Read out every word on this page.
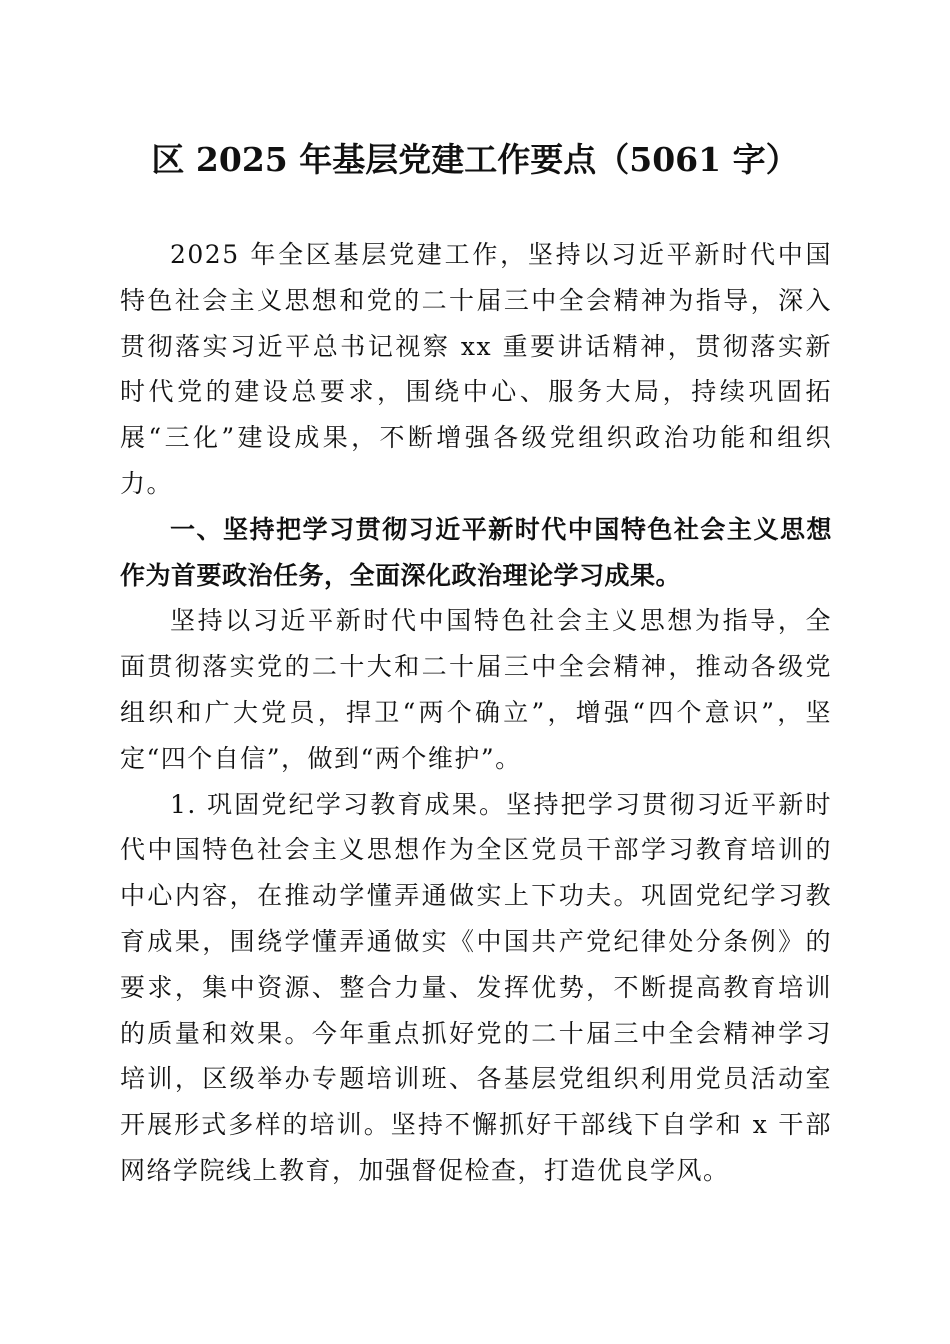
区 2025 年基层党建工作要点（5061 字）

2025 年全区基层党建工作，坚持以习近平新时代中国特色社会主义思想和党的二十届三中全会精神为指导，深入贯彻落实习近平总书记视察 xx 重要讲话精神，贯彻落实新时代党的建设总要求，围绕中心、服务大局，持续巩固拓展“三化”建设成果，不断增强各级党组织政治功能和组织力。

一、坚持把学习贯彻习近平新时代中国特色社会主义思想作为首要政治任务，全面深化政治理论学习成果。

坚持以习近平新时代中国特色社会主义思想为指导，全面贯彻落实党的二十大和二十届三中全会精神，推动各级党组织和广大党员，捍卫“两个确立”，增强“四个意识”，坚定“四个自信”，做到“两个维护”。

1. 巩固党纪学习教育成果。坚持把学习贯彻习近平新时代中国特色社会主义思想作为全区党员干部学习教育培训的中心内容，在推动学懂弄通做实上下功夫。巩固党纪学习教育成果，围绕学懂弄通做实《中国共产党纪律处分条例》的要求，集中资源、整合力量、发挥优势，不断提高教育培训的质量和效果。今年重点抓好党的二十届三中全会精神学习培训，区级举办专题培训班、各基层党组织利用党员活动室开展形式多样的培训。坚持不懈抓好干部线下自学和 x 干部网络学院线上教育，加强督促检查，打造优良学风。
